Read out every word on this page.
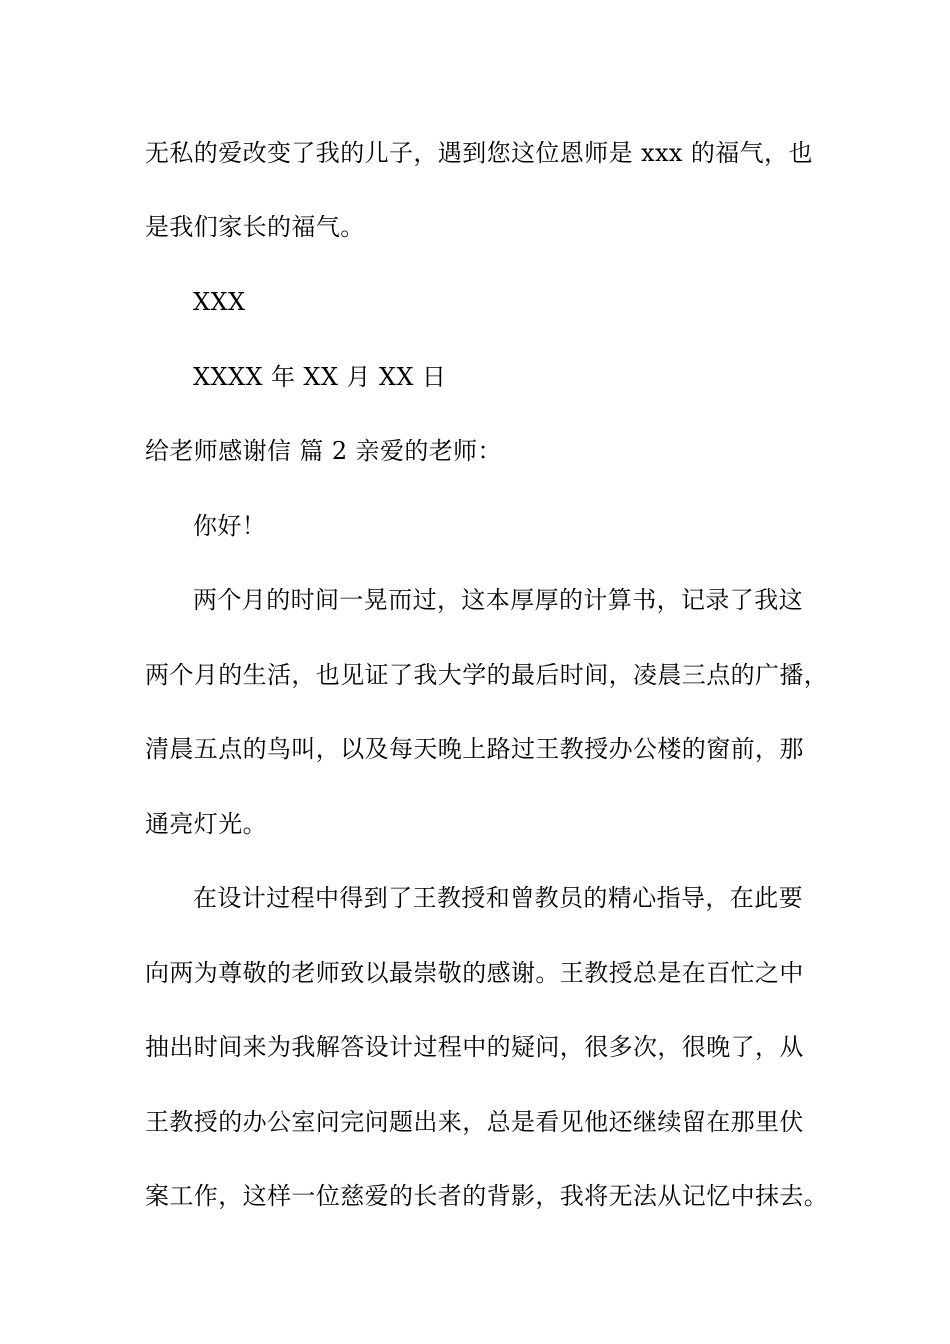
无私的爱改变了我的儿子，遇到您这位恩师是 xxx 的福气，也
是我们家长的福气。
XXX
XXXX 年 XX 月 XX 日
给老师感谢信 篇 2 亲爱的老师：
你好！
两个月的时间一晃而过，这本厚厚的计算书，记录了我这
两个月的生活，也见证了我大学的最后时间，凌晨三点的广播，
清晨五点的鸟叫，以及每天晚上路过王教授办公楼的窗前，那
通亮灯光。
在设计过程中得到了王教授和曾教员的精心指导，在此要
向两为尊敬的老师致以最崇敬的感谢。王教授总是在百忙之中
抽出时间来为我解答设计过程中的疑问，很多次，很晚了，从
王教授的办公室问完问题出来，总是看见他还继续留在那里伏
案工作，这样一位慈爱的长者的背影，我将无法从记忆中抹去。
